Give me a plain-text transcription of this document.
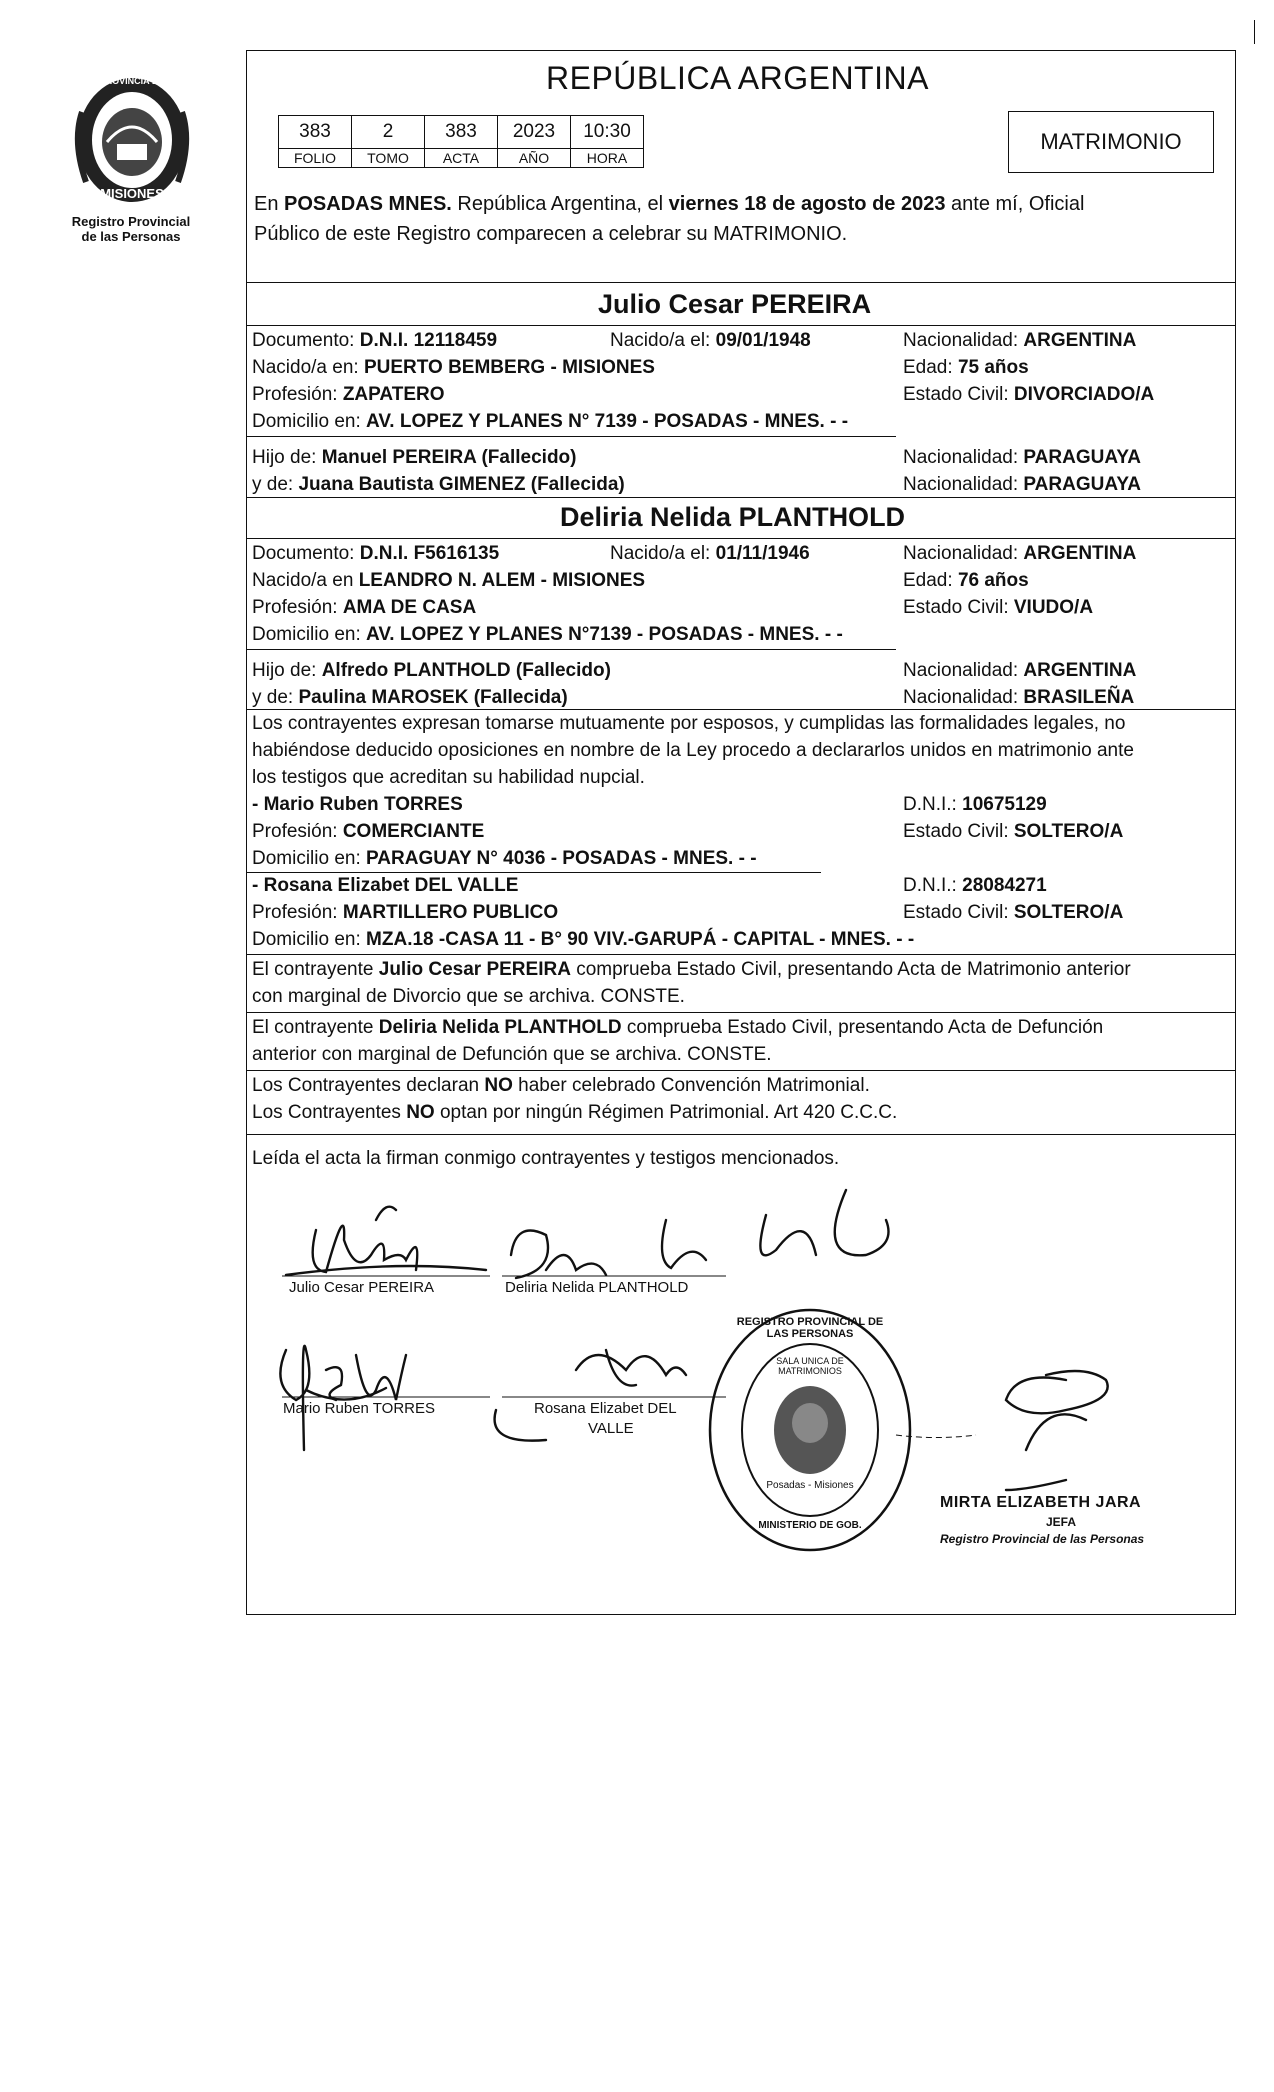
PROVINCIA DE
MISIONES
Registro Provincial
de las Personas
REPÚBLICA ARGENTINA
383	2	383	2023	10:30
FOLIO	TOMO	ACTA	AÑO	HORA
MATRIMONIO
En POSADAS MNES. República Argentina, el viernes 18 de agosto de 2023 ante mí, Oficial
Público de este Registro comparecen a celebrar su MATRIMONIO.
Julio Cesar PEREIRA
Documento: D.N.I. 12118459	Nacido/a el: 09/01/1948	Nacionalidad: ARGENTINA
Nacido/a en: PUERTO BEMBERG - MISIONES	Edad: 75 años
Profesión: ZAPATERO	Estado Civil: DIVORCIADO/A
Domicilio en: AV. LOPEZ Y PLANES N° 7139 - POSADAS - MNES. - -
Hijo de: Manuel PEREIRA (Fallecido)	Nacionalidad: PARAGUAYA
y de: Juana Bautista GIMENEZ (Fallecida)	Nacionalidad: PARAGUAYA
Deliria Nelida PLANTHOLD
Documento: D.N.I. F5616135	Nacido/a el: 01/11/1946	Nacionalidad: ARGENTINA
Nacido/a en LEANDRO N. ALEM - MISIONES	Edad: 76 años
Profesión: AMA DE CASA	Estado Civil: VIUDO/A
Domicilio en: AV. LOPEZ Y PLANES N°7139 - POSADAS - MNES. - -
Hijo de: Alfredo PLANTHOLD (Fallecido)	Nacionalidad: ARGENTINA
y de: Paulina MAROSEK (Fallecida)	Nacionalidad: BRASILEÑA
Los contrayentes expresan tomarse mutuamente por esposos, y cumplidas las formalidades legales, no
habiéndose deducido oposiciones en nombre de la Ley procedo a declararlos unidos en matrimonio ante
los testigos que acreditan su habilidad nupcial.
- Mario Ruben TORRES	D.N.I.: 10675129
Profesión: COMERCIANTE	Estado Civil: SOLTERO/A
Domicilio en: PARAGUAY N° 4036 - POSADAS - MNES. - -
- Rosana Elizabet DEL VALLE	D.N.I.: 28084271
Profesión: MARTILLERO PUBLICO	Estado Civil: SOLTERO/A
Domicilio en: MZA.18 -CASA 11 - B° 90 VIV.-GARUPÁ - CAPITAL - MNES. - -
El contrayente Julio Cesar PEREIRA comprueba Estado Civil, presentando Acta de Matrimonio anterior
con marginal de Divorcio que se archiva. CONSTE.
El contrayente Deliria Nelida PLANTHOLD comprueba Estado Civil, presentando Acta de Defunción
anterior con marginal de Defunción que se archiva. CONSTE.
Los Contrayentes declaran NO haber celebrado Convención Matrimonial.
Los Contrayentes NO optan por ningún Régimen Patrimonial. Art 420 C.C.C.
Leída el acta la firman conmigo contrayentes y testigos mencionados.
Julio Cesar PEREIRA	Deliria Nelida PLANTHOLD
Mario Ruben TORRES	Rosana Elizabet DEL
VALLE
REGISTRO PROVINCIAL DE LAS PERSONAS
SALA UNICA DE MATRIMONIOS
Posadas - Misiones
MINISTERIO DE GOB.
MIRTA ELIZABETH JARA
JEFA
Registro Provincial de las Personas
